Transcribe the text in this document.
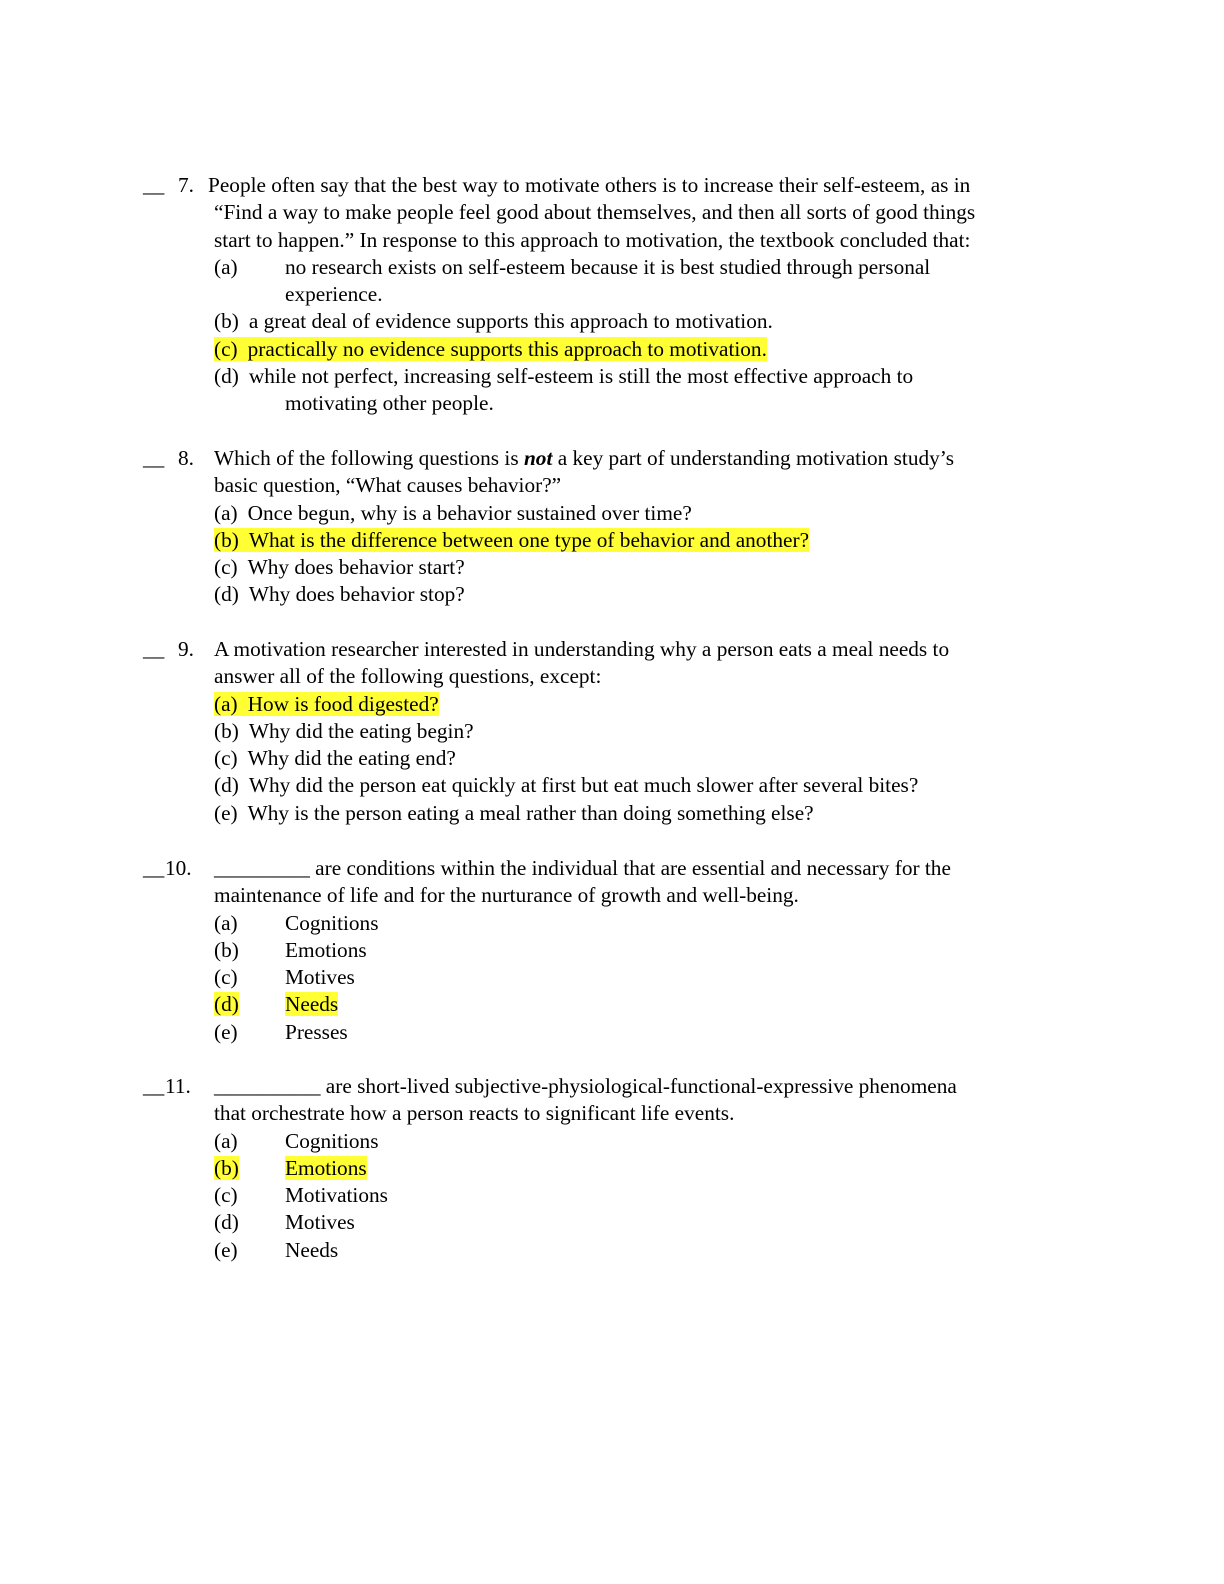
__ 7. People often say that the best way to motivate others is to increase their self-esteem, as in
“Find a way to make people feel good about themselves, and then all sorts of good things
start to happen.” In response to this approach to motivation, the textbook concluded that:
(a) no research exists on self-esteem because it is best studied through personal
experience.
(b) a great deal of evidence supports this approach to motivation.
(c) practically no evidence supports this approach to motivation.
(d) while not perfect, increasing self-esteem is still the most effective approach to
motivating other people.
__ 8. Which of the following questions is not a key part of understanding motivation study’s
basic question, “What causes behavior?”
(a) Once begun, why is a behavior sustained over time?
(b) What is the difference between one type of behavior and another?
(c) Why does behavior start?
(d) Why does behavior stop?
__ 9. A motivation researcher interested in understanding why a person eats a meal needs to
answer all of the following questions, except:
(a) How is food digested?
(b) Why did the eating begin?
(c) Why did the eating end?
(d) Why did the person eat quickly at first but eat much slower after several bites?
(e) Why is the person eating a meal rather than doing something else?
__ 10. _________ are conditions within the individual that are essential and necessary for the
maintenance of life and for the nurturance of growth and well-being.
(a) Cognitions
(b) Emotions
(c) Motives
(d) Needs
(e) Presses
__ 11. __________ are short-lived subjective-physiological-functional-expressive phenomena
that orchestrate how a person reacts to significant life events.
(a) Cognitions
(b) Emotions
(c) Motivations
(d) Motives
(e) Needs
